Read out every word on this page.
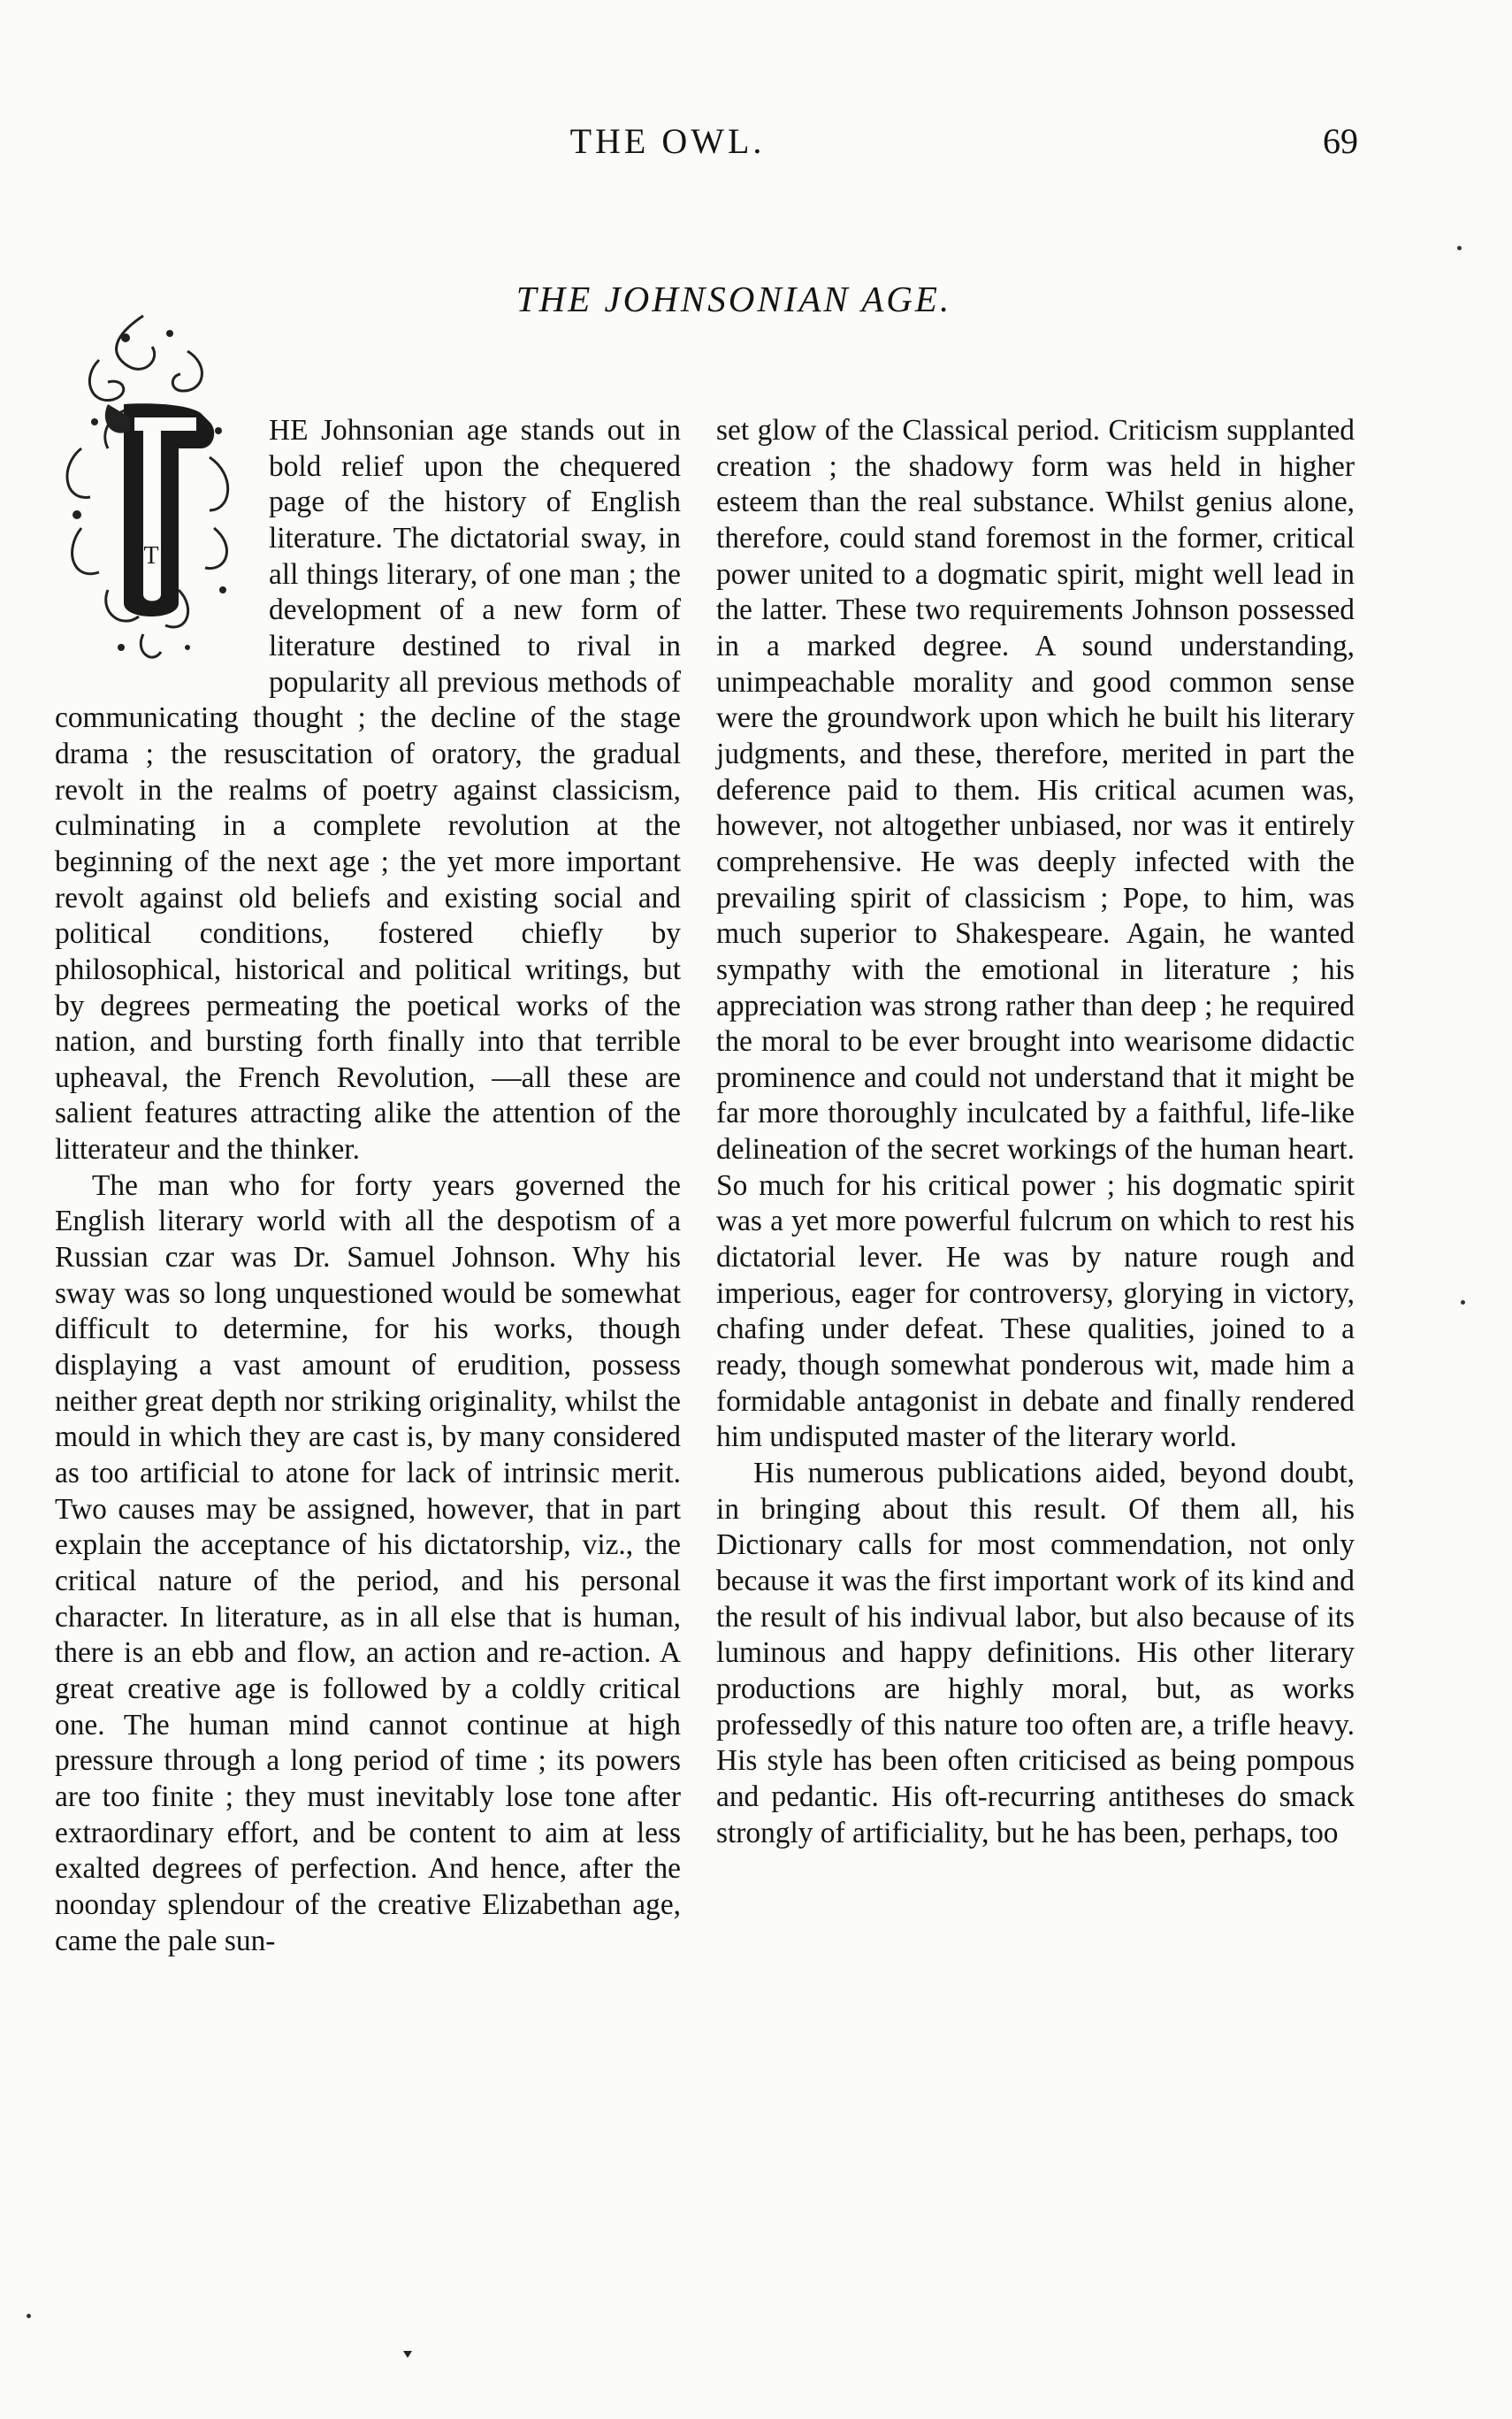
THE OWL.	69
THE JOHNSONIAN AGE.
T

HE Johnsonian age stands out in bold relief upon the chequered page of the history of English literature. The dictatorial sway, in all things literary, of one man ; the development of a new form of literature destined to rival in popularity all previous methods of communicating thought ; the decline of the stage drama ; the resuscitation of oratory, the gradual revolt in the realms of poetry against classicism, culminating in a complete revolution at the beginning of the next age ; the yet more important revolt against old beliefs and existing social and political conditions, fostered chiefly by philosophical, historical and political writings, but by degrees permeating the poetical works of the nation, and bursting forth finally into that terrible upheaval, the French Revolution, —all these are salient features attracting alike the attention of the litterateur and the thinker.

The man who for forty years governed the English literary world with all the despotism of a Russian czar was Dr. Samuel Johnson. Why his sway was so long unquestioned would be somewhat difficult to determine, for his works, though displaying a vast amount of erudition, possess neither great depth nor striking originality, whilst the mould in which they are cast is, by many considered as too artificial to atone for lack of intrinsic merit. Two causes may be assigned, however, that in part explain the acceptance of his dictatorship, viz., the critical nature of the period, and his personal character. In literature, as in all else that is human, there is an ebb and flow, an action and re-action. A great creative age is followed by a coldly critical one. The human mind cannot continue at high pressure through a long period of time ; its powers are too finite ; they must inevitably lose tone after extraordinary effort, and be content to aim at less exalted degrees of perfection. And hence, after the noonday splendour of the creative Elizabethan age, came the pale sun-

set glow of the Classical period. Criticism supplanted creation ; the shadowy form was held in higher esteem than the real substance. Whilst genius alone, therefore, could stand foremost in the former, critical power united to a dogmatic spirit, might well lead in the latter. These two requirements Johnson possessed in a marked degree. A sound understanding, unimpeachable morality and good common sense were the groundwork upon which he built his literary judgments, and these, therefore, merited in part the deference paid to them. His critical acumen was, however, not altogether unbiased, nor was it entirely comprehensive. He was deeply infected with the prevailing spirit of classicism ; Pope, to him, was much superior to Shakespeare. Again, he wanted sympathy with the emotional in literature ; his appreciation was strong rather than deep ; he required the moral to be ever brought into wearisome didactic prominence and could not understand that it might be far more thoroughly inculcated by a faithful, life-like delineation of the secret workings of the human heart. So much for his critical power ; his dogmatic spirit was a yet more powerful fulcrum on which to rest his dictatorial lever. He was by nature rough and imperious, eager for controversy, glorying in victory, chafing under defeat. These qualities, joined to a ready, though somewhat ponderous wit, made him a formidable antagonist in debate and finally rendered him undisputed master of the literary world.

His numerous publications aided, beyond doubt, in bringing about this result. Of them all, his Dictionary calls for most commendation, not only because it was the first important work of its kind and the result of his indivual labor, but also because of its luminous and happy definitions. His other literary productions are highly moral, but, as works professedly of this nature too often are, a trifle heavy. His style has been often criticised as being pompous and pedantic. His oft-recurring antitheses do smack strongly of artificiality, but he has been, perhaps, too
